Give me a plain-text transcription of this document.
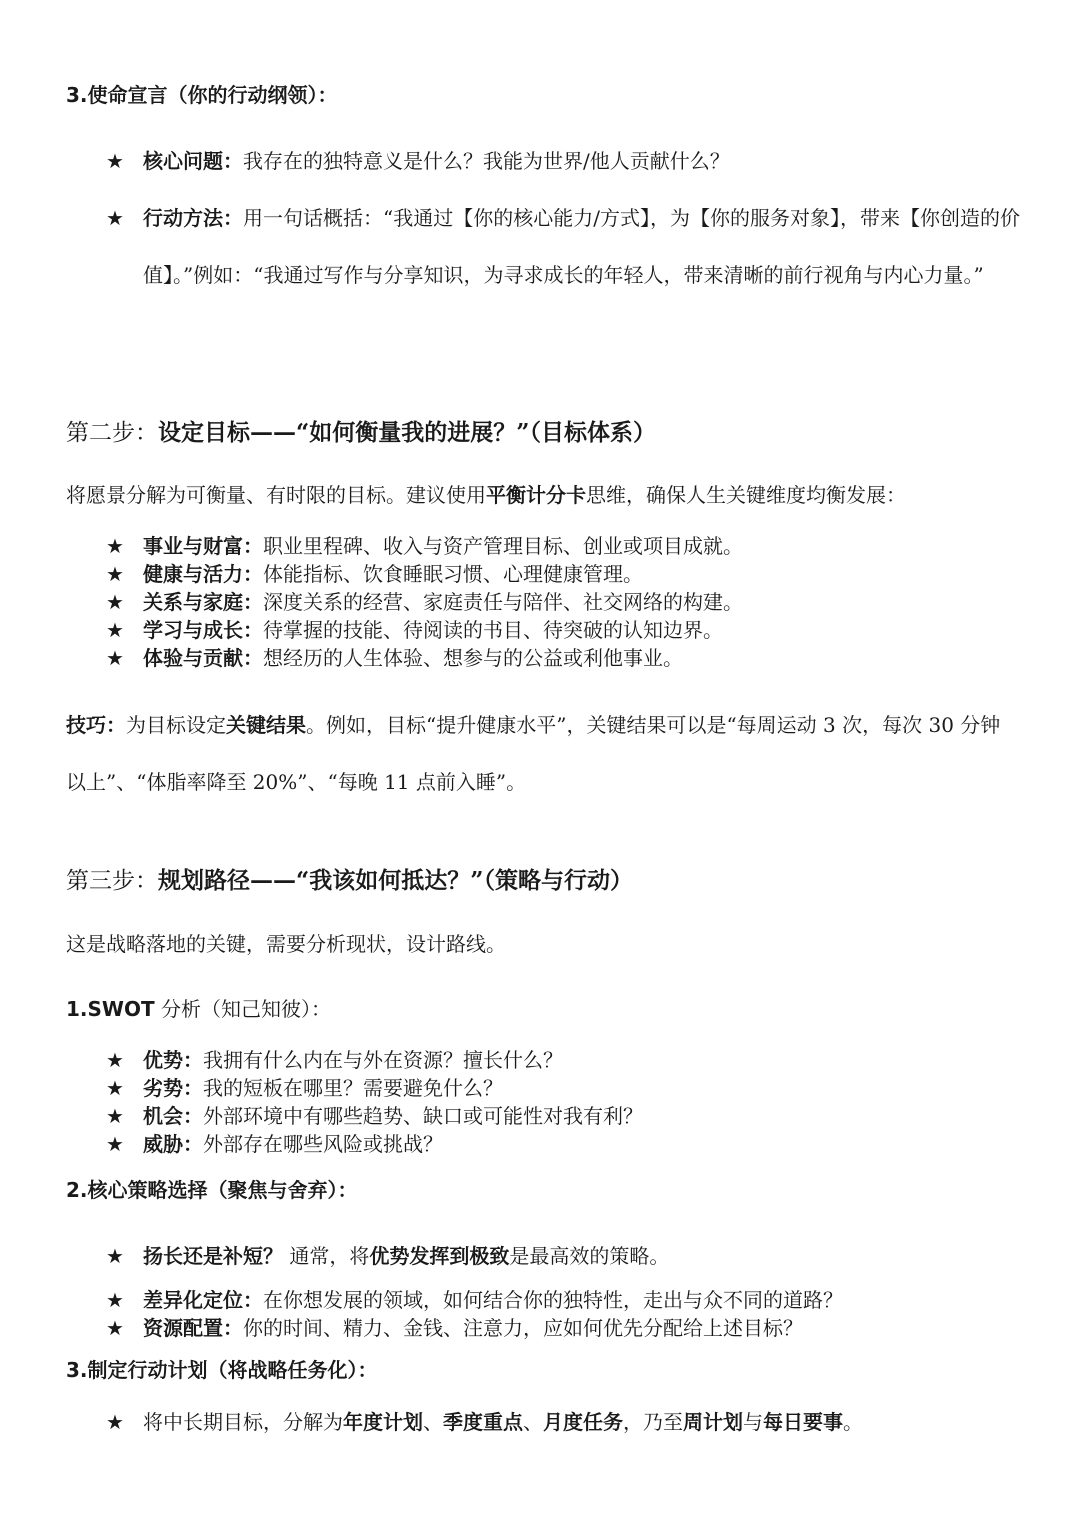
3.使命宣言（你的行动纲领）：
★ 核心问题：我存在的独特意义是什么？我能为世界/他人贡献什么？
★ 行动方法：用一句话概括：“我通过【你的核心能力/方式】，为【你的服务对象】，带来【你创造的价值】。”例如：“我通过写作与分享知识，为寻求成长的年轻人，带来清晰的前行视角与内心力量。”
第二步：设定目标——“如何衡量我的进展？”（目标体系）
将愿景分解为可衡量、有时限的目标。建议使用平衡计分卡思维，确保人生关键维度均衡发展：
★ 事业与财富：职业里程碑、收入与资产管理目标、创业或项目成就。
★ 健康与活力：体能指标、饮食睡眠习惯、心理健康管理。
★ 关系与家庭：深度关系的经营、家庭责任与陪伴、社交网络的构建。
★ 学习与成长：待掌握的技能、待阅读的书目、待突破的认知边界。
★ 体验与贡献：想经历的人生体验、想参与的公益或利他事业。
技巧：为目标设定关键结果。例如，目标“提升健康水平”，关键结果可以是“每周运动 3 次，每次 30 分钟以上”、“体脂率降至 20%”、“每晚 11 点前入睡”。
第三步：规划路径——“我该如何抵达？”（策略与行动）
这是战略落地的关键，需要分析现状，设计路线。
1.SWOT 分析（知己知彼）：
★ 优势：我拥有什么内在与外在资源？擅长什么？
★ 劣势：我的短板在哪里？需要避免什么？
★ 机会：外部环境中有哪些趋势、缺口或可能性对我有利？
★ 威胁：外部存在哪些风险或挑战？
2.核心策略选择（聚焦与舍弃）：
★ 扬长还是补短？ 通常，将优势发挥到极致是最高效的策略。
★ 差异化定位：在你想发展的领域，如何结合你的独特性，走出与众不同的道路？
★ 资源配置：你的时间、精力、金钱、注意力，应如何优先分配给上述目标？
3.制定行动计划（将战略任务化）：
★ 将中长期目标，分解为年度计划、季度重点、月度任务，乃至周计划与每日要事。
